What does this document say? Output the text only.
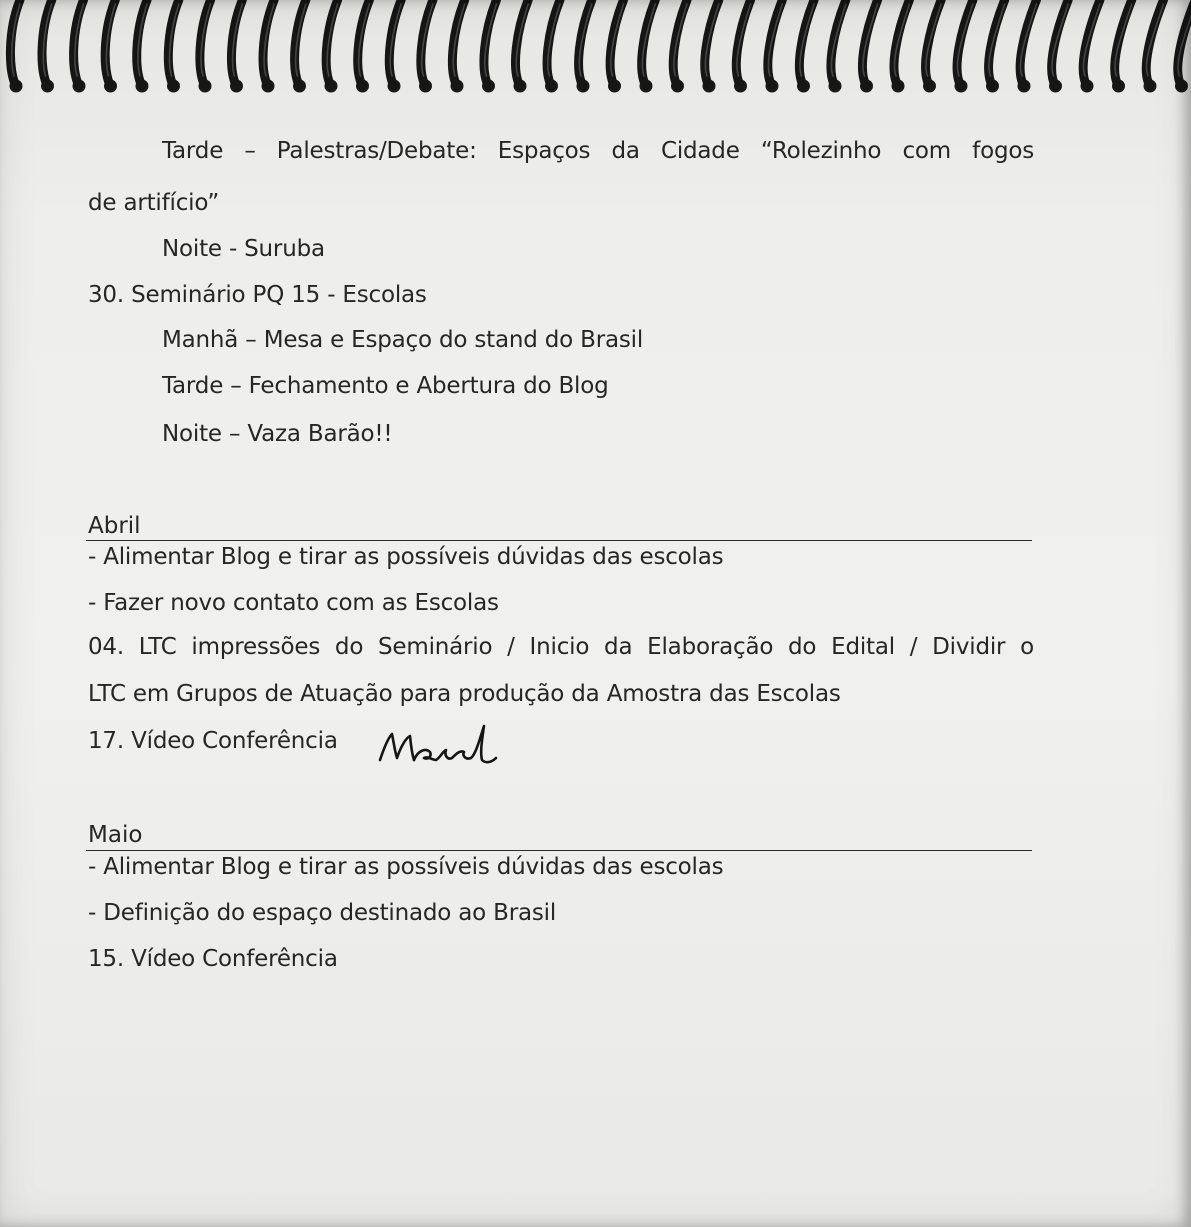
Tarde – Palestras/Debate: Espaços da Cidade “Rolezinho com fogos
de artifício”
Noite - Suruba
30. Seminário PQ 15 - Escolas
Manhã – Mesa e Espaço do stand do Brasil
Tarde – Fechamento e Abertura do Blog
Noite – Vaza Barão!!
Abril
- Alimentar Blog e tirar as possíveis dúvidas das escolas
- Fazer novo contato com as Escolas
04. LTC impressões do Seminário / Inicio da Elaboração do Edital / Dividir o
LTC em Grupos de Atuação para produção da Amostra das Escolas
17. Vídeo Conferência
Maio
- Alimentar Blog e tirar as possíveis dúvidas das escolas
- Definição do espaço destinado ao Brasil
15. Vídeo Conferência
